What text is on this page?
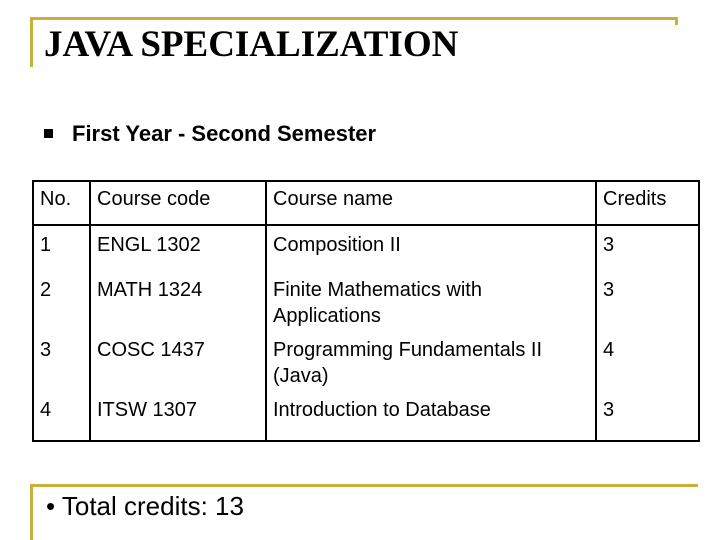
JAVA SPECIALIZATION
First Year - Second Semester
No.	Course code	Course name	Credits
1	ENGL 1302	Composition II	3
2	MATH 1324	Finite Mathematics with Applications	3
3	COSC 1437	Programming Fundamentals II (Java)	4
4	ITSW 1307	Introduction to Database	3
• Total credits: 13
